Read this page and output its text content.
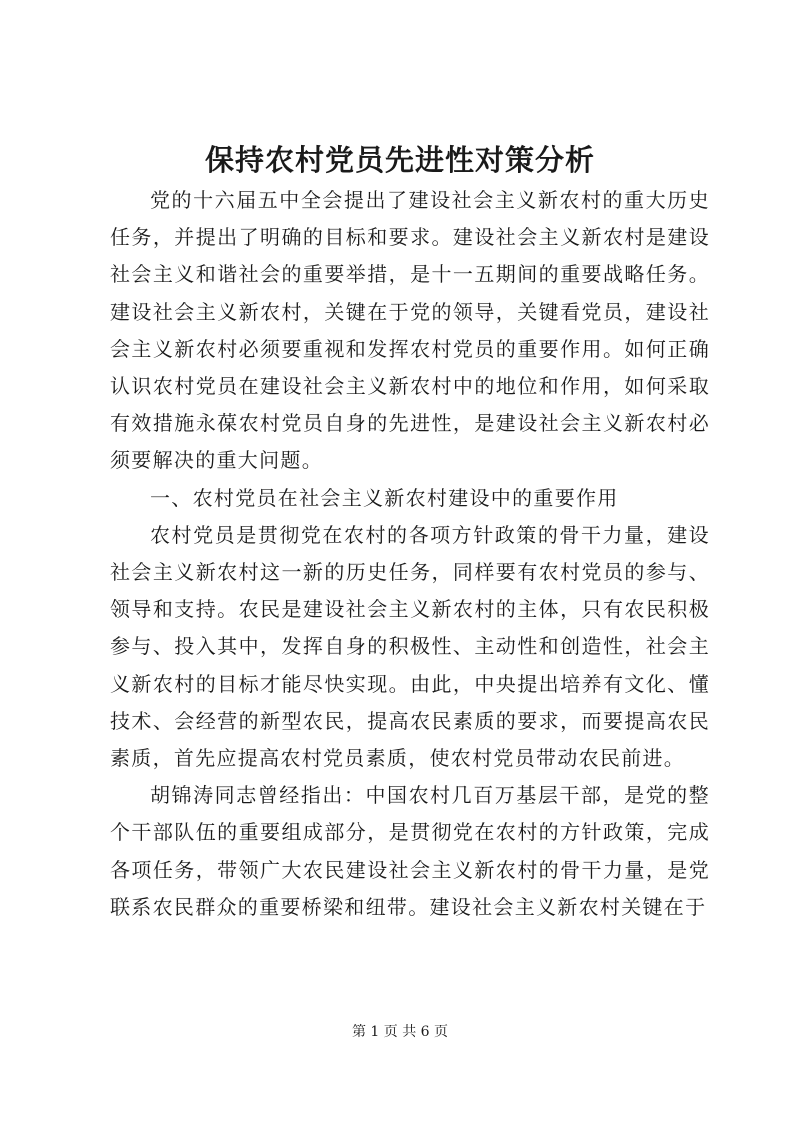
保持农村党员先进性对策分析

党的十六届五中全会提出了建设社会主义新农村的重大历史任务，并提出了明确的目标和要求。建设社会主义新农村是建设社会主义和谐社会的重要举措，是十一五期间的重要战略任务。建设社会主义新农村，关键在于党的领导，关键看党员，建设社会主义新农村必须要重视和发挥农村党员的重要作用。如何正确认识农村党员在建设社会主义新农村中的地位和作用，如何采取有效措施永葆农村党员自身的先进性，是建设社会主义新农村必须要解决的重大问题。

一、农村党员在社会主义新农村建设中的重要作用

农村党员是贯彻党在农村的各项方针政策的骨干力量，建设社会主义新农村这一新的历史任务，同样要有农村党员的参与、领导和支持。农民是建设社会主义新农村的主体，只有农民积极参与、投入其中，发挥自身的积极性、主动性和创造性，社会主义新农村的目标才能尽快实现。由此，中央提出培养有文化、懂技术、会经营的新型农民，提高农民素质的要求，而要提高农民素质，首先应提高农村党员素质，使农村党员带动农民前进。

胡锦涛同志曾经指出：中国农村几百万基层干部，是党的整个干部队伍的重要组成部分，是贯彻党在农村的方针政策，完成各项任务，带领广大农民建设社会主义新农村的骨干力量，是党联系农民群众的重要桥梁和纽带。建设社会主义新农村关键在于

第 1 页 共 6 页
